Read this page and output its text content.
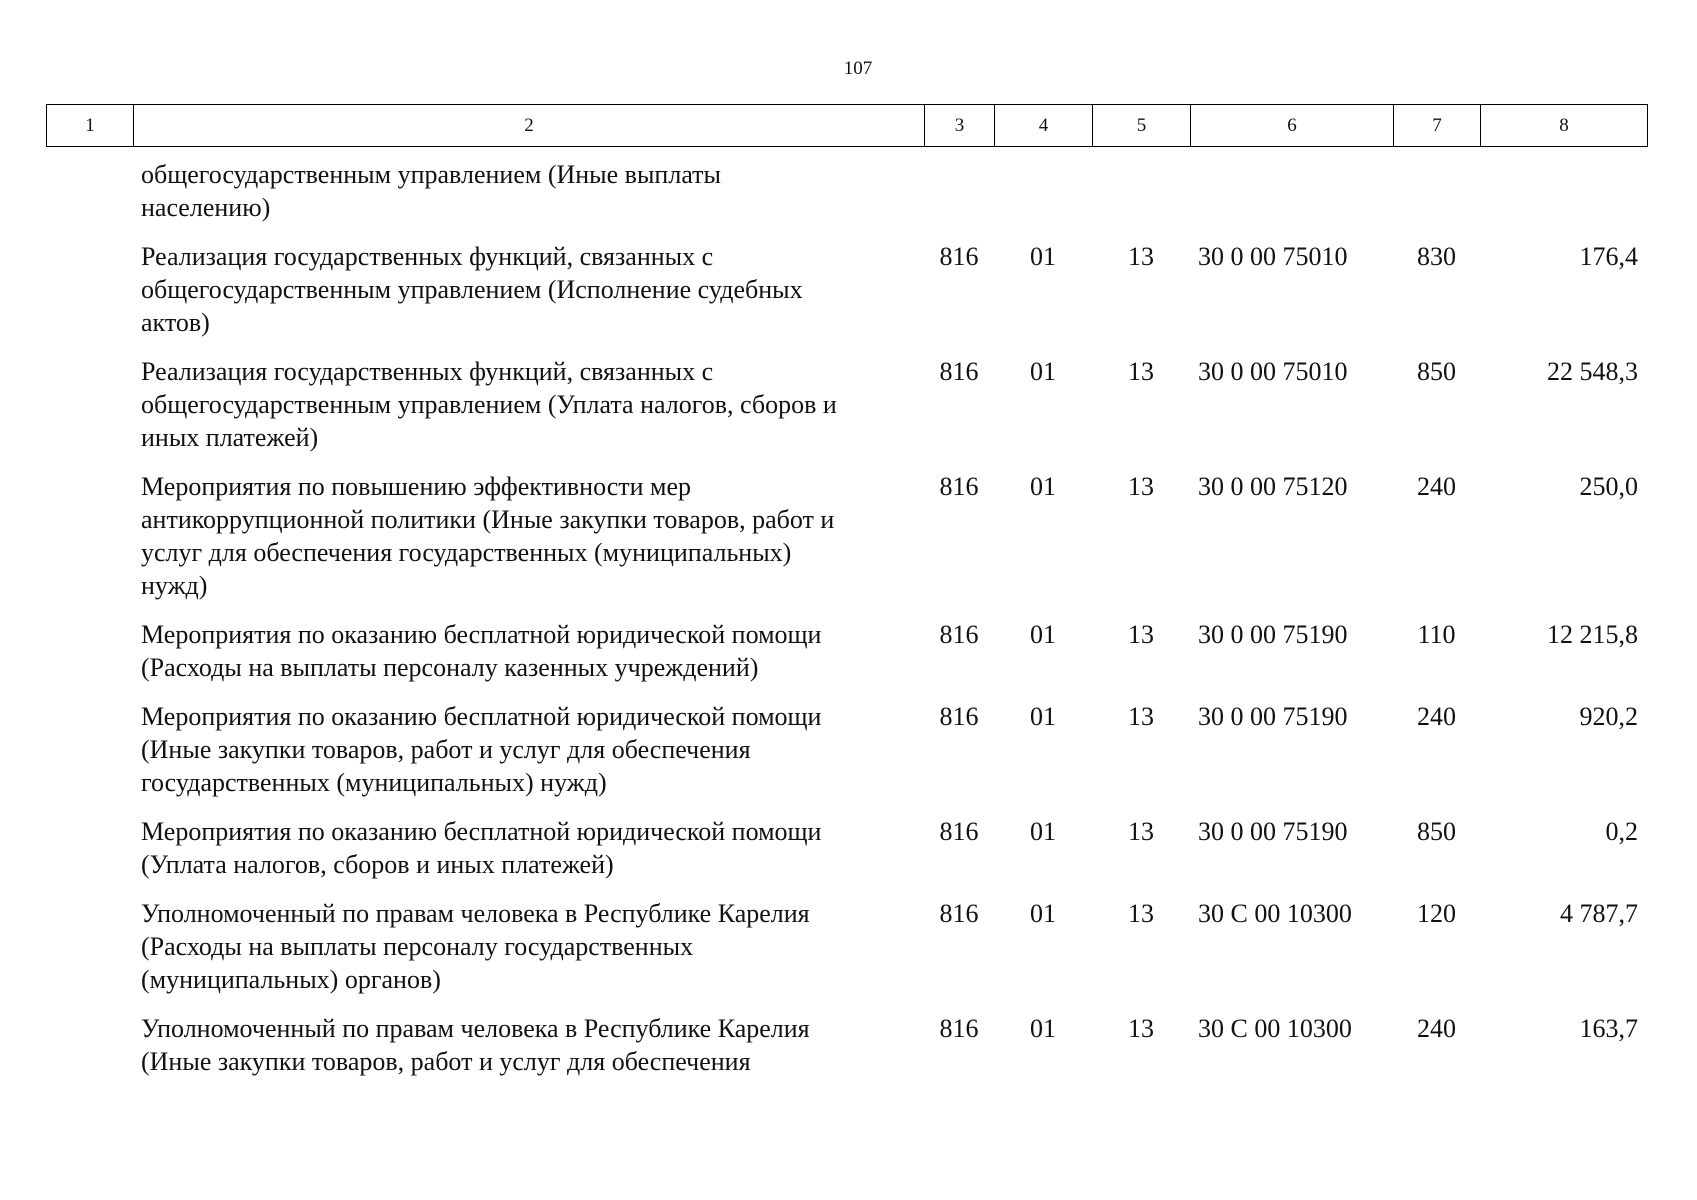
107
1	2	3	4	5	6	7	8
общегосударственным управлением (Иные выплаты
населению)
Реализация государственных функций, связанных с
общегосударственным управлением (Исполнение судебных
актов)
816	01	13	30 0 00 75010	830	176,4
Реализация государственных функций, связанных с
общегосударственным управлением (Уплата налогов, сборов и
иных платежей)
816	01	13	30 0 00 75010	850	22 548,3
Мероприятия по повышению эффективности мер
антикоррупционной политики (Иные закупки товаров, работ и
услуг для обеспечения государственных (муниципальных)
нужд)
816	01	13	30 0 00 75120	240	250,0
Мероприятия по оказанию бесплатной юридической помощи
(Расходы на выплаты персоналу казенных учреждений)
816	01	13	30 0 00 75190	110	12 215,8
Мероприятия по оказанию бесплатной юридической помощи
(Иные закупки товаров, работ и услуг для обеспечения
государственных (муниципальных) нужд)
816	01	13	30 0 00 75190	240	920,2
Мероприятия по оказанию бесплатной юридической помощи
(Уплата налогов, сборов и иных платежей)
816	01	13	30 0 00 75190	850	0,2
Уполномоченный по правам человека в Республике Карелия
(Расходы на выплаты персоналу государственных
(муниципальных) органов)
816	01	13	30 С 00 10300	120	4 787,7
Уполномоченный по правам человека в Республике Карелия
(Иные закупки товаров, работ и услуг для обеспечения
816	01	13	30 С 00 10300	240	163,7
